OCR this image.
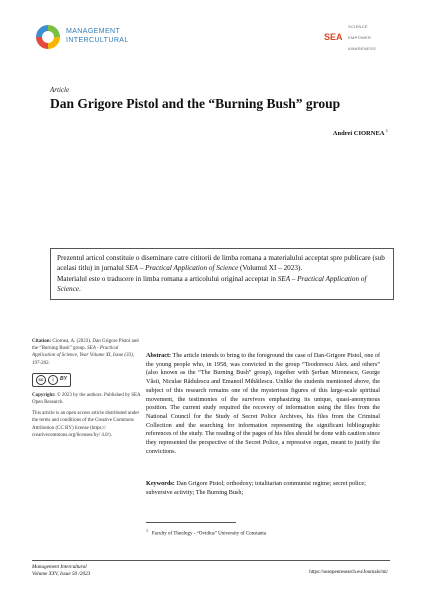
MANAGEMENT
INTERCULTURAL
SCIENCE
SEA EMPOWER
AWARENESS
Article
Dan Grigore Pistol and the “Burning Bush” group
Andrei CIORNEA $^1$

Prezentul articol constituie o diseminare catre cititorii de limba romana a materialului acceptat spre publicare (sub acelasi titlu) in jurnalul SEA – Practical Application of Science (Volumul XI – 2023).

Materialul este o traducere in limba romana a articolului original acceptat in SEA – Practical Application of Science.

Citation: Ciornea, A. (2023). Dan Grigore Pistol and the “Burning Bush” group. SEA - Practical Application of Science, Year Volume XI, Issue (33), 197-202.

cc	i	BY

Copyright: © 2023 by the authors. Published by SEA Open Research.

This article is an open access article distributed under the terms and conditions of the Creative Commons Attribution (CC BY) license (https:// creativecommons.org/licenses/by/ 4.0/).

Abstract: The article intends to bring to the foreground the case of Dan-Grigore Pistol, one of the young people who, in 1958, was convicted in the group “Teodorescu Alex. and others” (also known as the “The Burning Bush” group), together with Şerban Mironescu, George Văsii, Niculae Rădulescu and Emanoil Mihăilescu. Unlike the students mentioned above, the subject of this research remains one of the mysterious figures of this large-scale spiritual movement, the testimonies of the survivors emphasizing its unique, quasi-anonymous position. The current study required the recovery of information using the files from the National Council for the Study of Secret Police Archives, his files from the Criminal Collection and the searching for information representing the significant bibliographic references of the study. The reading of the pages of his files should be done with caution since they represented the perspective of the Secret Police, a repressive organ, meant to justify the convictions.

Keywords: Dan Grigore Pistol; orthodoxy; totalitarian communist regime; secret police; subversive activity; The Burning Bush;

$^1$   Faculty of Theology - “Ovidius” University of Constanta
Management Intercultural
Volume XXV, Issue 50 /2023	https://seaopenresearch.eu/Journals/mi/
